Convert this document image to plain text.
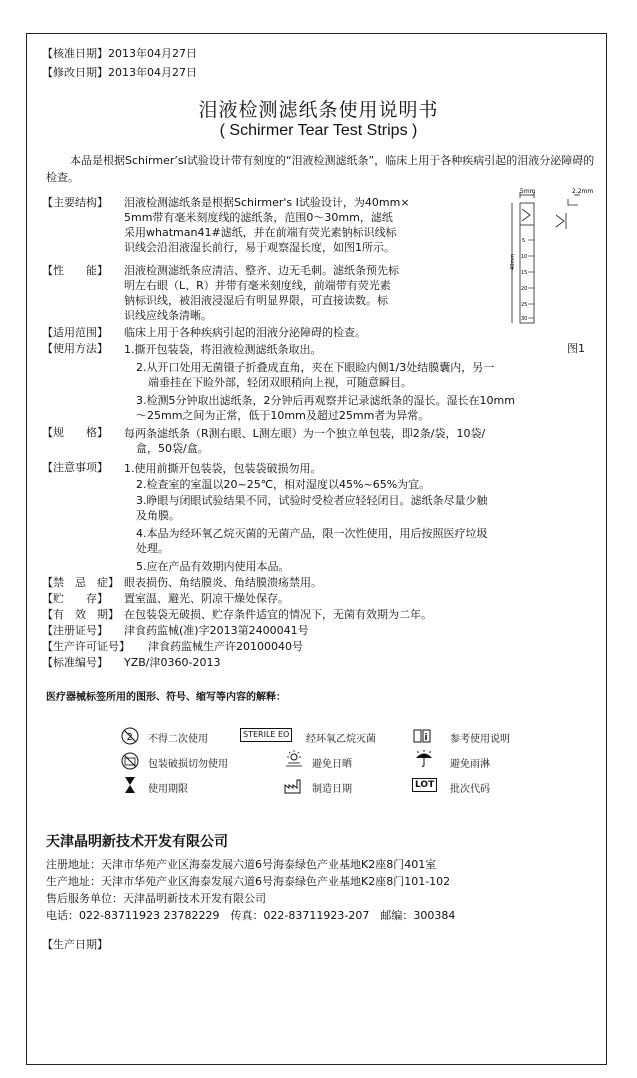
【核准日期】2013年04月27日
【修改日期】2013年04月27日
泪液检测滤纸条使用说明书
( Schirmer Tear Test Strips )
本品是根据Schirmer’sⅠ试验设计带有刻度的“泪液检测滤纸条”，临床上用于各种疾病引起的泪液分泌障碍的检查。
【主要结构】 泪液检测滤纸条是根据Schirmer's Ⅰ试验设计，为40mm×
5mm带有毫米刻度线的滤纸条，范围0～30mm，滤纸
采用whatman41#滤纸，并在前端有荧光素钠标识线标
识线会沿泪液湿长前行，易于观察湿长度，如图1所示。
【性　　能】 泪液检测滤纸条应清洁、整齐、边无毛刺。滤纸条预先标
明左右眼（L、R）并带有毫米刻度线，前端带有荧光素
钠标识线，被泪液浸湿后有明显界限，可直接读数。标
识线应线条清晰。
5mm	2.2mm
40mm
5
10
15
20
25
30
图1
【适用范围】 临床上用于各种疾病引起的泪液分泌障碍的检查。
【使用方法】 1.撕开包装袋，将泪液检测滤纸条取出。
2.从开口处用无菌镊子折叠成直角，夹在下眼睑内侧1/3处结膜囊内，另一
端垂挂在下睑外部，轻闭双眼稍向上视，可随意瞬目。
3.检测5分钟取出滤纸条，2分钟后再观察并记录滤纸条的湿长。湿长在10mm
～25mm之间为正常，低于10mm及超过25mm者为异常。
【规　　格】 每两条滤纸条（R测右眼、L测左眼）为一个独立单包装，即2条/袋，10袋/
盒，50袋/盒。
【注意事项】 1.使用前撕开包装袋，包装袋破损勿用。
2.检查室的室温以20~25℃，相对湿度以45%~65%为宜。
3.睁眼与闭眼试验结果不同，试验时受检者应轻轻闭目。滤纸条尽量少触
及角膜。
4.本品为经环氧乙烷灭菌的无菌产品，限一次性使用，用后按照医疗垃圾
处理。
5.应在产品有效期内使用本品。
【禁　忌　症】 眼表损伤、角结膜炎、角结膜溃疡禁用。
【贮　　存】 置室温、避光、阴凉干燥处保存。
【有　效　期】 在包装袋无破损、贮存条件适宜的情况下，无菌有效期为二年。
【注册证号】 津食药监械(准)字2013第2400041号
【生产许可证号】 津食药监械生产许20100040号
【标准编号】 YZB/津0360-2013
医疗器械标签所用的图形、符号、缩写等内容的解释：
2 不得二次使用	STERILE EO	经环氧乙烷灭菌	i 参考使用说明
包装破损切勿使用	避免日晒	避免雨淋
使用期限	制造日期	LOT	批次代码
天津晶明新技术开发有限公司
注册地址：天津市华苑产业区海泰发展六道6号海泰绿色产业基地K2座8门401室
生产地址：天津市华苑产业区海泰发展六道6号海泰绿色产业基地K2座8门101-102
售后服务单位：天津晶明新技术开发有限公司
电话：022-83711923 23782229　传真：022-83711923-207　邮编：300384
【生产日期】
